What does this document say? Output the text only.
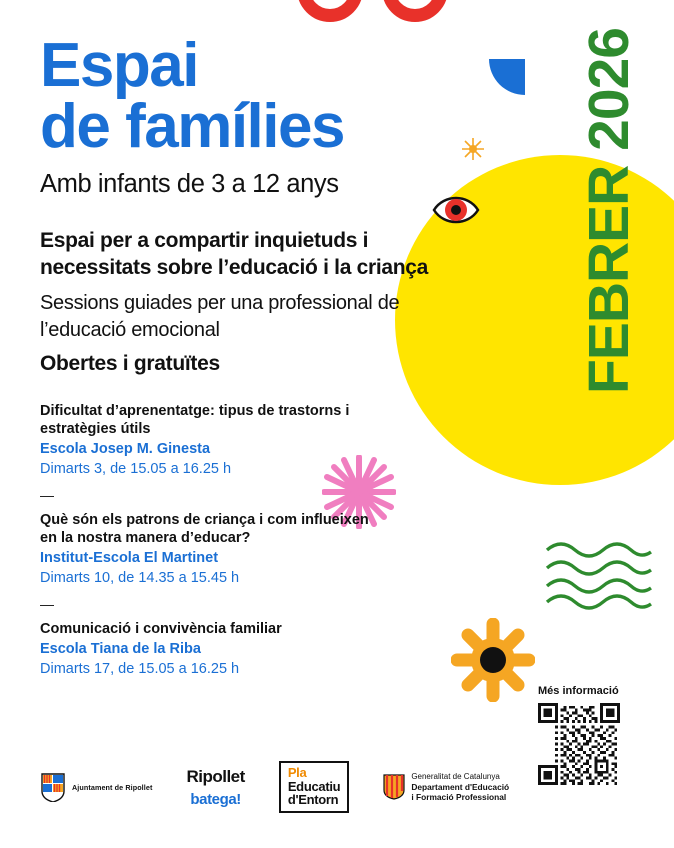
FEBRER 2026
Espai
de famílies
Amb infants de 3 a 12 anys
Espai per a compartir inquietuds i necessitats sobre l’educació i la criança
Sessions guiades per una professional de l’educació emocional
Obertes i gratuïtes
Dificultat d’aprenentatge: tipus de trastorns i estratègies útils
Escola Josep M. Ginesta
Dimarts 3, de 15.05 a 16.25 h
—
Què són els patrons de criança i com influeixen en la nostra manera d’educar?
Institut-Escola El Martinet
Dimarts 10, de 14.35 a 15.45 h
—
Comunicació i convivència familiar
Escola Tiana de la Riba
Dimarts 17, de 15.05 a 16.25 h
Més informació
Ajuntament de Ripollet
Ripollet
batega!
Pla
Educatiu
d'Entorn
Generalitat de Catalunya
Departament d'Educació
i Formació Professional
